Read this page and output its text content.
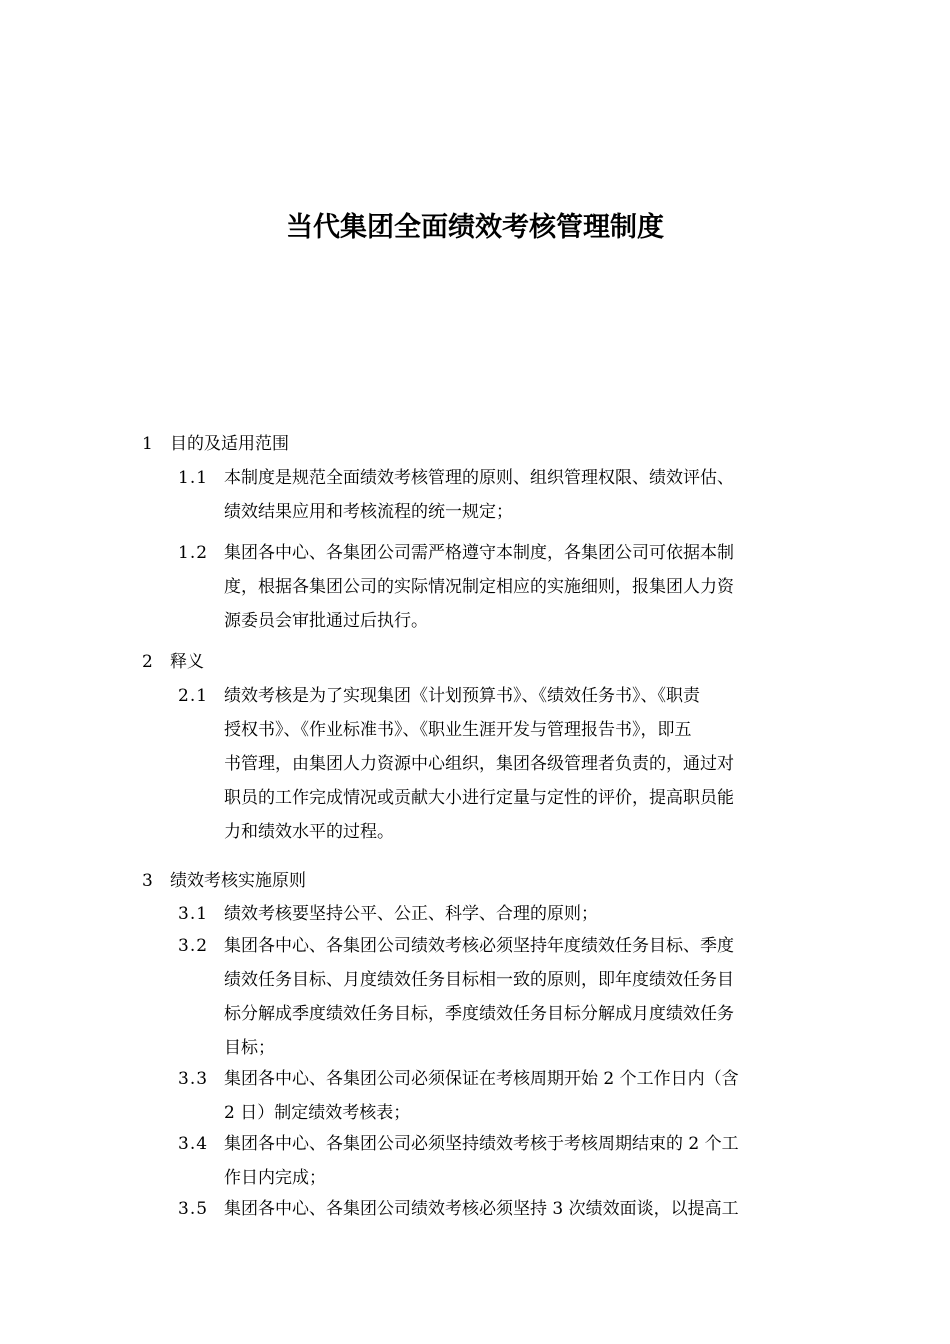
当代集团全面绩效考核管理制度
1 目的及适用范围
1.1 本制度是规范全面绩效考核管理的原则、组织管理权限、绩效评估、

绩效结果应用和考核流程的统一规定；

1.2 集团各中心、各集团公司需严格遵守本制度，各集团公司可依据本制

度，根据各集团公司的实际情况制定相应的实施细则，报集团人力资

源委员会审批通过后执行。

2 释义
2.1 绩效考核是为了实现集团《计划预算书》、《绩效任务书》、《职责

授权书》、《作业标准书》、《职业生涯开发与管理报告书》，即五

书管理，由集团人力资源中心组织，集团各级管理者负责的，通过对

职员的工作完成情况或贡献大小进行定量与定性的评价，提高职员能

力和绩效水平的过程。

3 绩效考核实施原则
3.1 绩效考核要坚持公平、公正、科学、合理的原则；

3.2 集团各中心、各集团公司绩效考核必须坚持年度绩效任务目标、季度

绩效任务目标、月度绩效任务目标相一致的原则，即年度绩效任务目

标分解成季度绩效任务目标，季度绩效任务目标分解成月度绩效任务

目标；

3.3 集团各中心、各集团公司必须保证在考核周期开始 2 个工作日内（含

2 日）制定绩效考核表；

3.4 集团各中心、各集团公司必须坚持绩效考核于考核周期结束的 2 个工

作日内完成；

3.5 集团各中心、各集团公司绩效考核必须坚持 3 次绩效面谈，以提高工
